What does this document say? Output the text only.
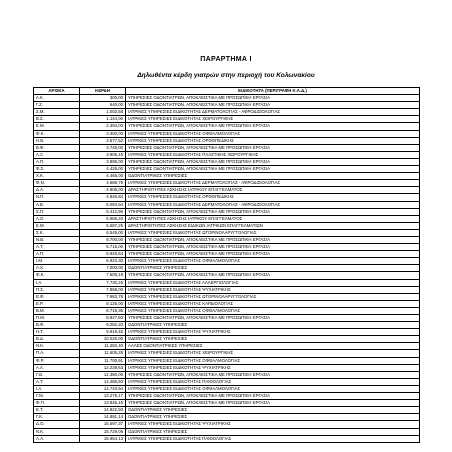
ΠΑΡΑΡΤΗΜΑ Ι
Δηλωθέντα κέρδη γιατρών στην περιοχή του Κολωνακίου
ΑΡΧΙΚΑ	ΚΕΡΔΗ	ΕΙΔΙΚΟΤΗΤΑ (ΠΕΡΙΓΡΑΦΗ Κ.Α.Δ.)
Α.Κ.	300,00	ΥΠΗΡΕΣΙΕΣ ΟΔΟΝΤΙΑΤΡΩΝ, ΑΠΟΚΛΕΙΣΤΙΚΑ ΜΕ ΠΡΟΣΩΠΙΚΗ ΕΡΓΑΣΙΑ
Γ.Ζ.	640,00	ΥΠΗΡΕΣΙΕΣ ΟΔΟΝΤΙΑΤΡΩΝ, ΑΠΟΚΛΕΙΣΤΙΚΑ ΜΕ ΠΡΟΣΩΠΙΚΗ ΕΡΓΑΣΙΑ
Σ.Μ.	1.002,58	ΙΑΤΡΙΚΕΣ ΥΠΗΡΕΣΙΕΣ ΕΙΔΙΚΟΤΗΤΑΣ ΔΕΡΜΑΤΟΛΟΓΙΑΣ - ΑΦΡΟΔΙΣΙΟΛΟΓΙΑΣ
Β.Σ.	1.144,00	ΙΑΤΡΙΚΕΣ ΥΠΗΡΕΣΙΕΣ ΕΙΔΙΚΟΤΗΤΑΣ ΧΕΙΡΟΥΡΓΙΚΗΣ
Ε.Μ.	2.394,00	ΥΠΗΡΕΣΙΕΣ ΟΔΟΝΤΙΑΤΡΩΝ, ΑΠΟΚΛΕΙΣΤΙΚΑ ΜΕ ΠΡΟΣΩΠΙΚΗ ΕΡΓΑΣΙΑ
Φ.Κ.	3.300,00	ΙΑΤΡΙΚΕΣ ΥΠΗΡΕΣΙΕΣ ΕΙΔΙΚΟΤΗΤΑΣ ΟΦΘΑΛΜΟΛΟΓΙΑΣ
Η.Β.	3.577,52	ΙΑΤΡΙΚΕΣ ΥΠΗΡΕΣΙΕΣ ΕΙΔΙΚΟΤΗΤΑΣ ΟΡΘΟΠΕΔΙΚΗΣ
Β.Φ.	3.745,00	ΥΠΗΡΕΣΙΕΣ ΟΔΟΝΤΙΑΤΡΩΝ, ΑΠΟΚΛΕΙΣΤΙΚΑ ΜΕ ΠΡΟΣΩΠΙΚΗ ΕΡΓΑΣΙΑ
Α.Ξ.	3.906,15	ΙΑΤΡΙΚΕΣ ΥΠΗΡΕΣΙΕΣ ΕΙΔΙΚΟΤΗΤΑΣ ΠΛΑΣΤΙΚΗΣ ΧΕΙΡΟΥΡΓΙΚΗΣ
Α.Π.	3.995,00	ΥΠΗΡΕΣΙΕΣ ΟΔΟΝΤΙΑΤΡΩΝ, ΑΠΟΚΛΕΙΣΤΙΚΑ ΜΕ ΠΡΟΣΩΠΙΚΗ ΕΡΓΑΣΙΑ
Φ.Σ.	4.425,00	ΥΠΗΡΕΣΙΕΣ ΟΔΟΝΤΙΑΤΡΩΝ, ΑΠΟΚΛΕΙΣΤΙΚΑ ΜΕ ΠΡΟΣΩΠΙΚΗ ΕΡΓΑΣΙΑ
Χ.Κ.	4.465,00	ΟΔΟΝΤΙΑΤΡΙΚΕΣ ΥΠΗΡΕΣΙΕΣ
Φ.Ν.	4.686,79	ΙΑΤΡΙΚΕΣ ΥΠΗΡΕΣΙΕΣ ΕΙΔΙΚΟΤΗΤΑΣ ΔΕΡΜΑΤΟΛΟΓΙΑΣ - ΑΦΡΟΔΙΣΙΟΛΟΓΙΑΣ
Δ.Λ.	4.906,00	ΔΡΑΣΤΗΡΙΟΤΗΤΕΣ ΑΣΚΗΣΗΣ ΙΑΤΡΙΚΟΥ ΕΠΑΓΓΕΛΜΑΤΟΣ
Ν.Π.	4.946,84	ΙΑΤΡΙΚΕΣ ΥΠΗΡΕΣΙΕΣ ΕΙΔΙΚΟΤΗΤΑΣ ΟΡΘΟΠΕΔΙΚΗΣ
Α.Β.	5.094,94	ΙΑΤΡΙΚΕΣ ΥΠΗΡΕΣΙΕΣ ΕΙΔΙΚΟΤΗΤΑΣ ΔΕΡΜΑΤΟΛΟΓΙΑΣ - ΑΦΡΟΔΙΣΙΟΛΟΓΙΑΣ
Σ.Π.	5.412,96	ΥΠΗΡΕΣΙΕΣ ΟΔΟΝΤΙΑΤΡΩΝ, ΑΠΟΚΛΕΙΣΤΙΚΑ ΜΕ ΠΡΟΣΩΠΙΚΗ ΕΡΓΑΣΙΑ
Α.Ο.	5.556,33	ΔΡΑΣΤΗΡΙΟΤΗΤΕΣ ΑΣΚΗΣΗΣ ΙΑΤΡΙΚΟΥ ΕΠΑΓΓΕΛΜΑΤΟΣ
Ε.Μ.	5.587,25	ΔΡΑΣΤΗΡΙΟΤΗΤΕΣ ΑΣΚΗΣΗΣ ΕΙΔΙΚΩΝ ΙΑΤΡΙΚΩΝ ΕΠΑΓΓΕΛΜΑΤΙΩΝ
Σ.Κ.	6.545,00	ΙΑΤΡΙΚΕΣ ΥΠΗΡΕΣΙΕΣ ΕΙΔΙΚΟΤΗΤΑΣ ΩΤΟΡΙΝΟΛΑΡΥΓΓΟΛΟΓΙΑΣ
Ν.Β.	6.700,00	ΥΠΗΡΕΣΙΕΣ ΟΔΟΝΤΙΑΤΡΩΝ, ΑΠΟΚΛΕΙΣΤΙΚΑ ΜΕ ΠΡΟΣΩΠΙΚΗ ΕΡΓΑΣΙΑ
Α.Τ.	6.715,00	ΥΠΗΡΕΣΙΕΣ ΟΔΟΝΤΙΑΤΡΩΝ, ΑΠΟΚΛΕΙΣΤΙΚΑ ΜΕ ΠΡΟΣΩΠΙΚΗ ΕΡΓΑΣΙΑ
Α.Π.	6.820,64	ΥΠΗΡΕΣΙΕΣ ΟΔΟΝΤΙΑΤΡΩΝ, ΑΠΟΚΛΕΙΣΤΙΚΑ ΜΕ ΠΡΟΣΩΠΙΚΗ ΕΡΓΑΣΙΑ
Ι.Μ.	6.922,30	ΙΑΤΡΙΚΕΣ ΥΠΗΡΕΣΙΕΣ ΕΙΔΙΚΟΤΗΤΑΣ ΟΦΘΑΛΜΟΛΟΓΙΑΣ
Α.Χ.	7.000,00	ΟΔΟΝΤΙΑΤΡΙΚΕΣ ΥΠΗΡΕΣΙΕΣ
Φ.Κ.	7.600,19	ΥΠΗΡΕΣΙΕΣ ΟΔΟΝΤΙΑΤΡΩΝ, ΑΠΟΚΛΕΙΣΤΙΚΑ ΜΕ ΠΡΟΣΩΠΙΚΗ ΕΡΓΑΣΙΑ
Ι.Α.	7.730,25	ΙΑΤΡΙΚΕΣ ΥΠΗΡΕΣΙΕΣ ΕΙΔΙΚΟΤΗΤΑΣ ΑΛΛΕΡΓΙΟΛΟΓΙΑΣ
Π.Σ.	7.868,00	ΙΑΤΡΙΚΕΣ ΥΠΗΡΕΣΙΕΣ ΕΙΔΙΚΟΤΗΤΑΣ ΨΥΧΙΑΤΡΙΚΗΣ
Ε.Φ.	7.983,78	ΙΑΤΡΙΚΕΣ ΥΠΗΡΕΣΙΕΣ ΕΙΔΙΚΟΤΗΤΑΣ ΩΤΟΡΙΝΟΛΑΡΥΓΓΟΛΟΓΙΑΣ
Ε.Ρ.	8.125,00	ΙΑΤΡΙΚΕΣ ΥΠΗΡΕΣΙΕΣ ΕΙΔΙΚΟΤΗΤΑΣ ΚΑΡΔΙΟΛΟΓΙΑΣ
Β.Μ.	8.719,35	ΙΑΤΡΙΚΕΣ ΥΠΗΡΕΣΙΕΣ ΕΙΔΙΚΟΤΗΤΑΣ ΟΦΘΑΛΜΟΛΟΓΙΑΣ
Π.Μ.	8.827,50	ΥΠΗΡΕΣΙΕΣ ΟΔΟΝΤΙΑΤΡΩΝ, ΑΠΟΚΛΕΙΣΤΙΚΑ ΜΕ ΠΡΟΣΩΠΙΚΗ ΕΡΓΑΣΙΑ
Β.Φ.	9.282,20	ΟΔΟΝΤΙΑΤΡΙΚΕΣ ΥΠΗΡΕΣΙΕΣ
Η.Τ.	9.919,45	ΙΑΤΡΙΚΕΣ ΥΠΗΡΕΣΙΕΣ ΕΙΔΙΚΟΤΗΤΑΣ ΨΥΧΙΑΤΡΙΚΗΣ
Β.Δ.	10.020,00	ΟΔΟΝΤΙΑΤΡΙΚΕΣ ΥΠΗΡΕΣΙΕΣ
Ν.Κ.	11.282,40	ΑΛΛΕΣ ΟΔΟΝΤΙΑΤΡΙΚΕΣ ΥΠΗΡΕΣΙΕΣ
Π.Α.	11.605,28	ΙΑΤΡΙΚΕΣ ΥΠΗΡΕΣΙΕΣ ΕΙΔΙΚΟΤΗΤΑΣ ΧΕΙΡΟΥΡΓΙΚΗΣ
Φ.Ρ.	11.700,91	ΙΑΤΡΙΚΕΣ ΥΠΗΡΕΣΙΕΣ ΕΙΔΙΚΟΤΗΤΑΣ ΟΦΘΑΛΜΟΛΟΓΙΑΣ
Α.Λ.	12.238,63	ΙΑΤΡΙΚΕΣ ΥΠΗΡΕΣΙΕΣ ΕΙΔΙΚΟΤΗΤΑΣ ΨΥΧΙΑΤΡΙΚΗΣ
Γ.Β.	12.380,00	ΥΠΗΡΕΣΙΕΣ ΟΔΟΝΤΙΑΤΡΩΝ, ΑΠΟΚΛΕΙΣΤΙΚΑ ΜΕ ΠΡΟΣΩΠΙΚΗ ΕΡΓΑΣΙΑ
Α.Τ.	12.486,50	ΙΑΤΡΙΚΕΣ ΥΠΗΡΕΣΙΕΣ ΕΙΔΙΚΟΤΗΤΑΣ ΠΑΙΘΟΛΟΓΙΑΣ
Ι.Α.	12.743,94	ΙΑΤΡΙΚΕΣ ΥΠΗΡΕΣΙΕΣ ΕΙΔΙΚΟΤΗΤΑΣ ΟΦΘΑΛΜΟΛΟΓΙΑΣ
Γ.Μ.	13.279,17	ΥΠΗΡΕΣΙΕΣ ΟΔΟΝΤΙΑΤΡΩΝ, ΑΠΟΚΛΕΙΣΤΙΚΑ ΜΕ ΠΡΟΣΩΠΙΚΗ ΕΡΓΑΣΙΑ
Φ.Π.	13.846,15	ΥΠΗΡΕΣΙΕΣ ΟΔΟΝΤΙΑΤΡΩΝ, ΑΠΟΚΛΕΙΣΤΙΚΑ ΜΕ ΠΡΟΣΩΠΙΚΗ ΕΡΓΑΣΙΑ
Ε.Τ.	14.822,50	ΟΔΟΝΤΙΑΤΡΙΚΕΣ ΥΠΗΡΕΣΙΕΣ
Γ.Κ.	14.891,14	ΟΔΟΝΤΙΑΤΡΙΚΕΣ ΥΠΗΡΕΣΙΕΣ
Δ.Ο.	15.597,37	ΙΑΤΡΙΚΕΣ ΥΠΗΡΕΣΙΕΣ ΕΙΔΙΚΟΤΗΤΑΣ ΨΥΧΙΑΤΡΙΚΗΣ
Ν.Κ.	15.729,06	ΟΔΟΝΤΙΑΤΡΙΚΕΣ ΥΠΗΡΕΣΙΕΣ
Λ.Α.	15.954,13	ΙΑΤΡΙΚΕΣ ΥΠΗΡΕΣΙΕΣ ΕΙΔΙΚΟΤΗΤΑΣ ΠΑΙΘΟΛΟΓΙΑΣ
